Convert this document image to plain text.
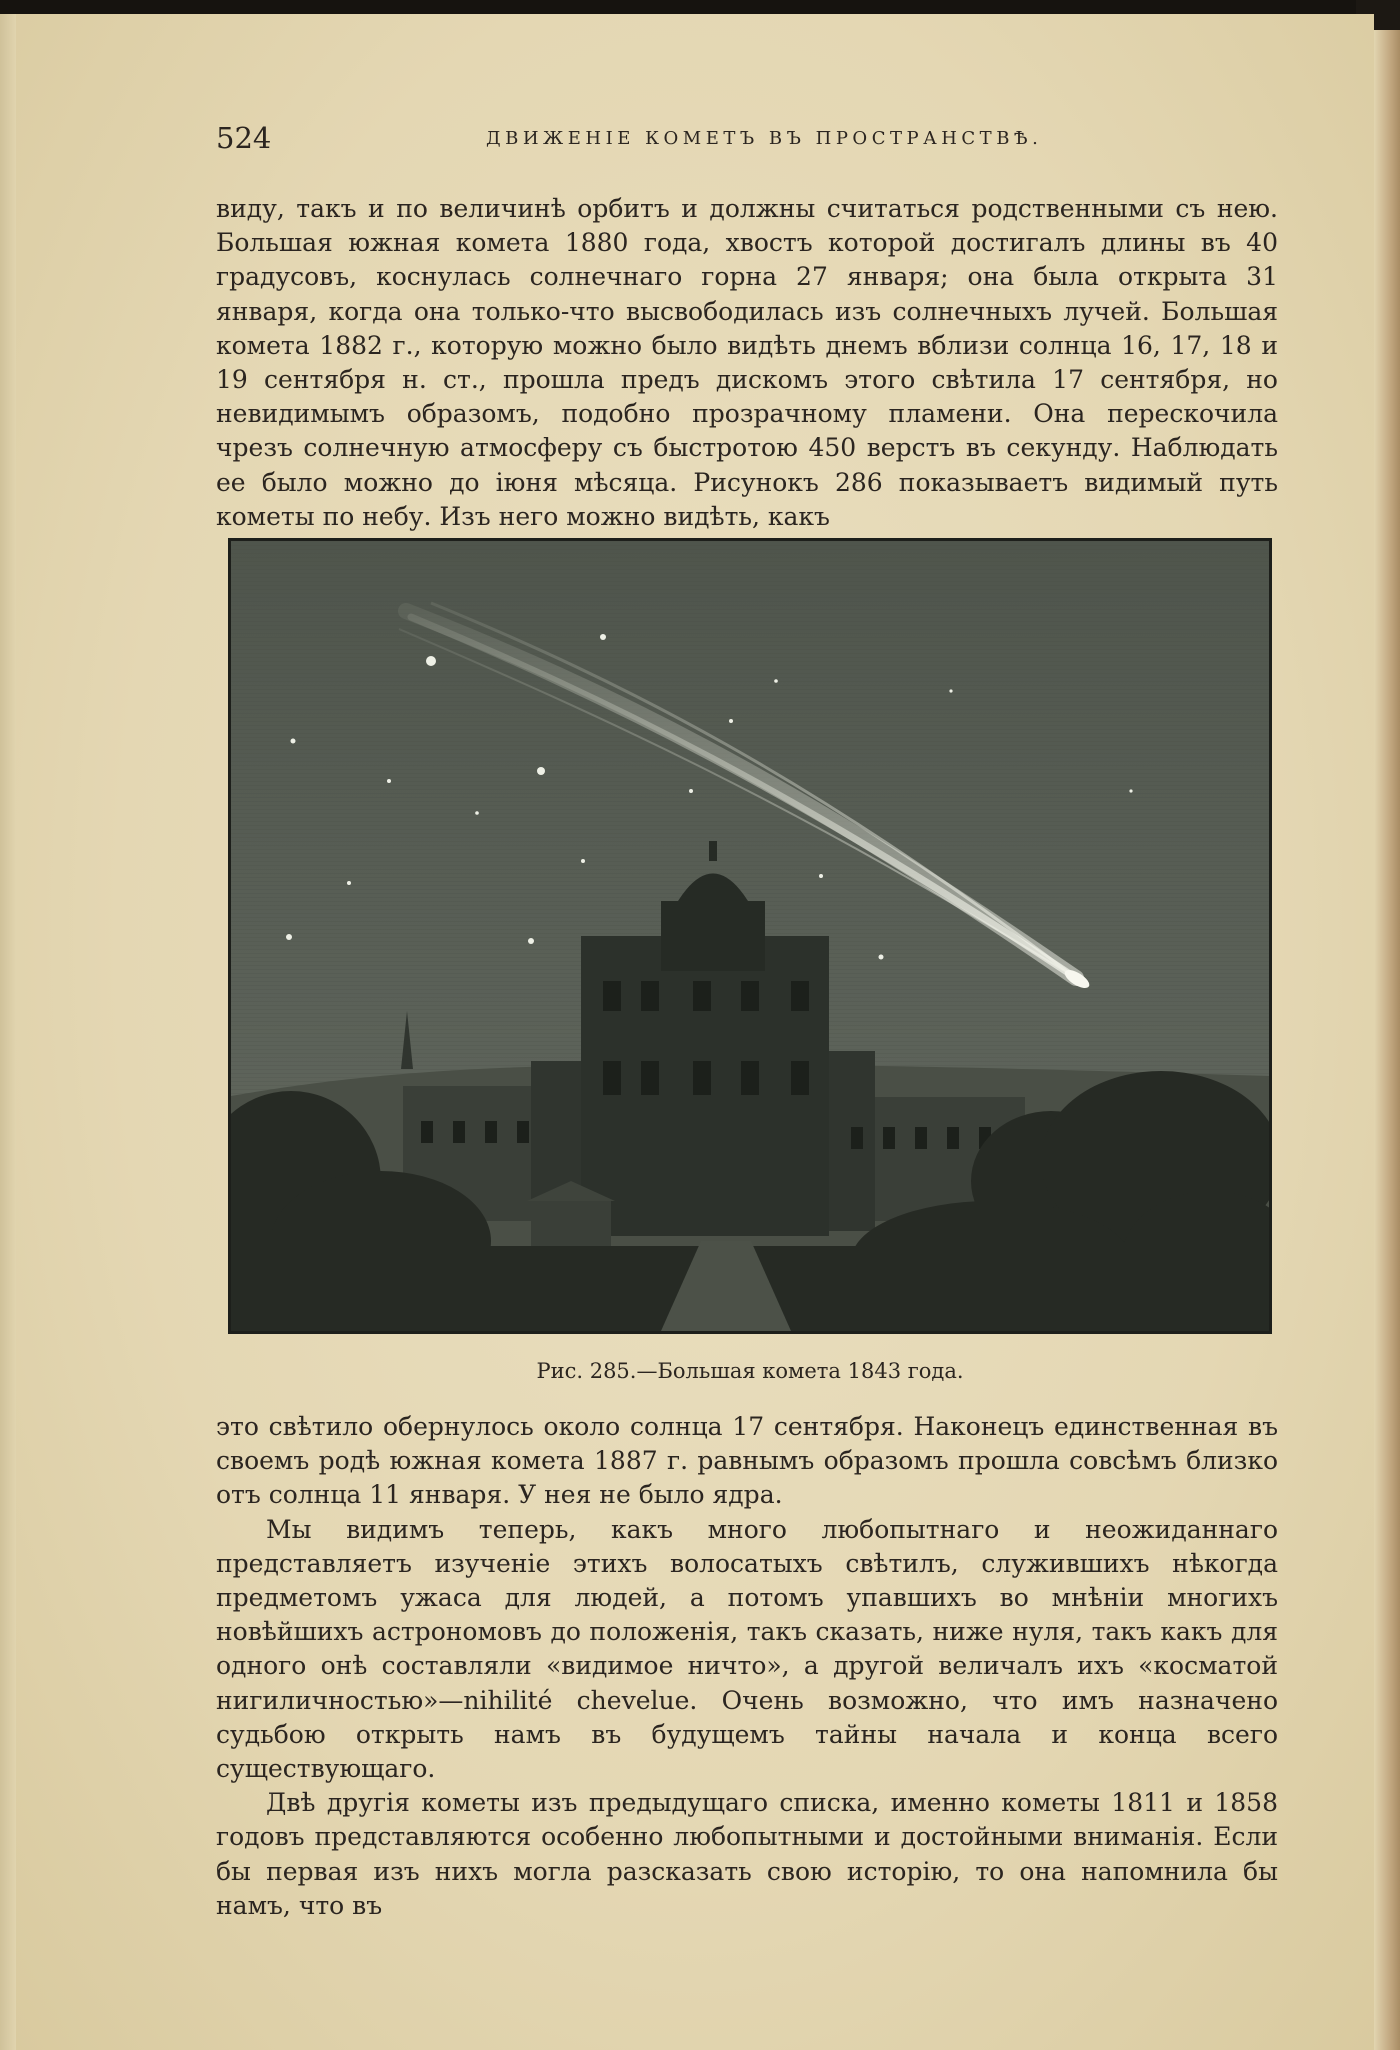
524	ДВИЖЕНІЕ КОМЕТЪ ВЪ ПРОСТРАНСТВѢ.

виду, такъ и по величинѣ орбитъ и должны считаться родственными съ нею. Большая южная комета 1880 года, хвостъ которой достигалъ длины въ 40 градусовъ, коснулась солнечнаго горна 27 января; она была открыта 31 января, когда она только-что высвободилась изъ солнечныхъ лучей. Большая комета 1882 г., которую можно было видѣть днемъ вблизи солнца 16, 17, 18 и 19 сентября н. ст., прошла предъ дискомъ этого свѣтила 17 сентября, но невидимымъ образомъ, подобно прозрачному пламени. Она перескочила чрезъ солнечную атмосферу съ быстротою 450 верстъ въ секунду. Наблюдать ее было можно до іюня мѣсяца. Рисунокъ 286 показываетъ видимый путь кометы по небу. Изъ него можно видѣть, какъ

Рис. 285.—Большая комета 1843 года.

это свѣтило обернулось около солнца 17 сентября. Наконецъ единственная въ своемъ родѣ южная комета 1887 г. равнымъ образомъ прошла совсѣмъ близко отъ солнца 11 января. У нея не было ядра.

Мы видимъ теперь, какъ много любопытнаго и неожиданнаго представляетъ изученіе этихъ волосатыхъ свѣтилъ, служившихъ нѣкогда предметомъ ужаса для людей, а потомъ упавшихъ во мнѣніи многихъ новѣйшихъ астрономовъ до положенія, такъ сказать, ниже нуля, такъ какъ для одного онѣ составляли «видимое ничто», а другой величалъ ихъ «косматой нигиличностью»—nihilité chevelue. Очень возможно, что имъ назначено судьбою открыть намъ въ будущемъ тайны начала и конца всего существующаго.

Двѣ другія кометы изъ предыдущаго списка, именно кометы 1811 и 1858 годовъ представляются особенно любопытными и достойными вниманія. Если бы первая изъ нихъ могла разсказать свою исторію, то она напомнила бы намъ, что въ
